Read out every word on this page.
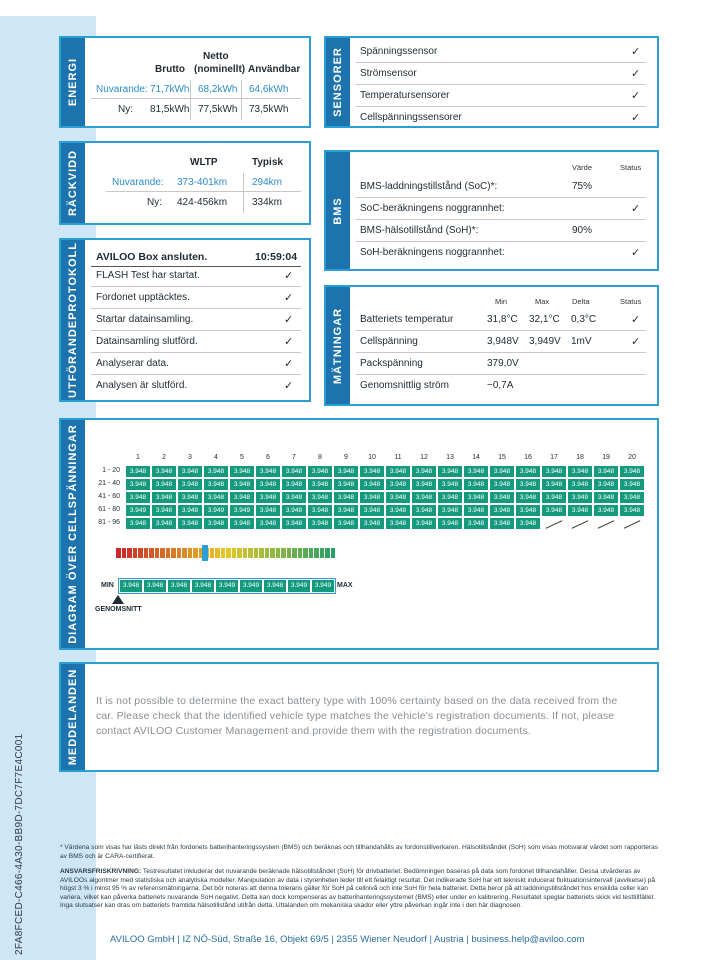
2FA8FCED-C466-4A30-BB9D-7DC7F7E4C001
ENERGI	Brutto
Netto
(nominellt) Användbar
Nuvarande: 71,7kWh 68,2kWh 64,6kWh
Ny: 81,5kWh 77,5kWh 73,5kWh
RÄCKVIDD	WLTP	Typisk
Nuvarande: 373-401km 294km
Ny: 424-456km 334km
UTFÖRANDEPROTOKOLL AVILOO Box ansluten.	10:59:04
FLASH Test har startat.	✓
Fordonet upptäcktes.	✓
Startar datainsamling.	✓
Datainsamling slutförd.	✓
Analyserar data.	✓
Analysen är slutförd.	✓
SENSORER Spänningssensor	✓
Strömsensor	✓
Temperatursensorer	✓
Cellspänningssensorer	✓
BMS
Värde	Status
BMS-laddningstillstånd (SoC)*:	75%
SoC-beräkningens noggrannhet:	✓
BMS-hälsotillstånd (SoH)*:	90%
SoH-beräkningens noggrannhet:	✓
MÄTNINGAR
Min	Max	Delta	Status
Batteriets temperatur	31,8°C 32,1°C 0,3°C	✓
Cellspänning	3,948V 3,949V 1mV	✓
Packspänning	379,0V
Genomsnittlig ström	−0,7A
DIAGRAM ÖVER CELLSPÄNNINGAR	1	2	3	4	5	6	7	8	9	10	11	12	13	14	15	16	17	18	19	20
1 - 20	3.948	3.948	3.948	3.948	3.948	3.948	3.948	3.948	3.948	3.948	3.948	3.948	3.948	3.948	3.948	3.948	3.948	3.948	3.948	3.948
21 - 40	3.948	3.948	3.948	3.948	3.948	3.948	3.948	3.948	3.948	3.948	3.948	3.948	3.948	3.948	3.948	3.948	3.948	3.948	3.948	3.948
41 - 60	3.948	3.948	3.948	3.948	3.948	3.948	3.948	3.948	3.948	3.948	3.948	3.948	3.948	3.948	3.948	3.948	3.948	3.949	3.948	3.948
61 - 80	3.949	3.948	3.948	3.949	3.949	3.948	3.948	3.948	3.948	3.948	3.948	3.948	3.948	3.948	3.948	3.948	3.948	3.948	3.948	3.948
81 - 96	3.948	3.948	3.948	3.948	3.948	3.948	3.948	3.948	3.948	3.948	3.948	3.948	3.948	3.948	3.948	3.948
3.948	3.948	3.948	3.948	3.949	3.949	3.948	3.949	3.949
MIN	MAX
GENOMSNITT
MEDDELANDEN It is not possible to determine the exact battery type with 100% certainty based on the data received from the car. Please check that the identified vehicle type matches the vehicle's registration documents. If not, please contact AVILOO Customer Management and provide them with the registration documents.
* Värdena som visas har lästs direkt från fordonets batterihanteringssystem (BMS) och beräknas och tillhandahålls av fordonstillverkaren. Hälsotillståndet (SoH) som visas motsvarar värdet som rapporteras av BMS och är CARA-certifierat.
ANSVARSFRISKRIVNING: Testresultatet inkluderar det nuvarande beräknade hälsotillståndet (SoH) för drivbatteriet. Bedömningen baseras på data som fordonet tillhandahåller. Dessa utvärderas av AVILOOs algoritmer med statistiska och analytiska modeller. Manipulation av data i styrenheten leder till ett felaktigt resultat. Det indikerade SoH har ett tekniskt inducerat fluktuationsintervall (avvikelse) på högst 3 % i minst 95 % av referensmätningarna. Det bör noteras att denna tolerans gäller för SoH på cellnivå och inte SoH för hela batteriet. Detta beror på att laddningstillståndet hos enskilda celler kan variera, vilket kan påverka batteriets nuvarande SoH negativt. Detta kan dock kompenseras av batterihanteringssystemet (BMS) eller under en kalibrering. Resultatet speglar batteriets skick vid testtillfället. Inga slutsatser kan dras om batteriets framtida hälsotillstånd utifrån detta. Uttalanden om mekaniska skador eller yttre påverkan ingår inte i den här diagnosen.
AVILOO GmbH | IZ NÖ-Süd, Straße 16, Objekt 69/5 | 2355 Wiener Neudorf | Austria | business.help@aviloo.com
